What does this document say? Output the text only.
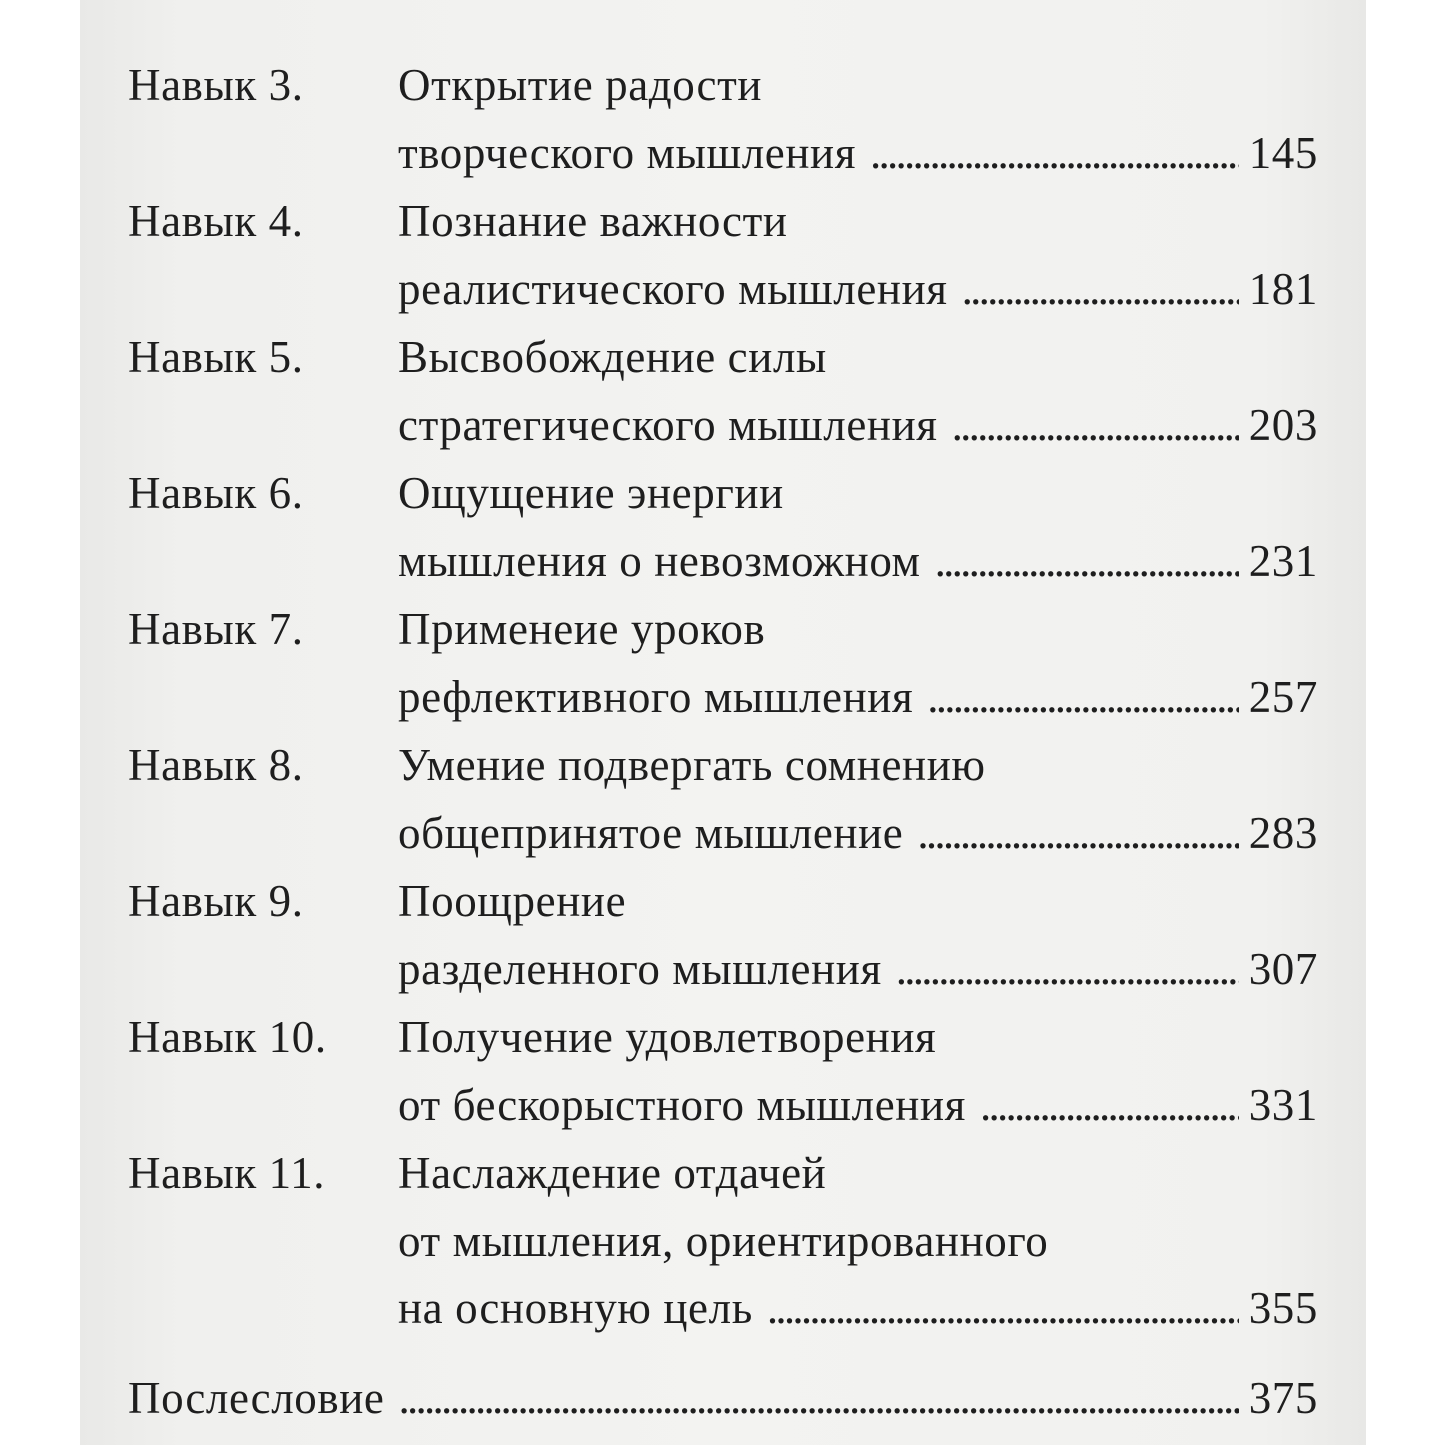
Навык 3.	Открытие радости
творческого мышления . . .	145
Навык 4.	Познание важности
реалистического мышления . . .	181
Навык 5.	Высвобождение силы
стратегического мышления . . .	203
Навык 6.	Ощущение энергии
мышления о невозможном . . .	231
Навык 7.	Применеие уроков
рефлективного мышления . . .	257
Навык 8.	Умение подвергать сомнению
общепринятое мышление . . .	283
Навык 9.	Поощрение
разделенного мышления . . .	307
Навык 10.	Получение удовлетворения
от бескорыстного мышления . . .	331
Навык 11.	Наслаждение отдачей
от мышления, ориентированного
на основную цель . . .	355
Послесловие . . .	375
